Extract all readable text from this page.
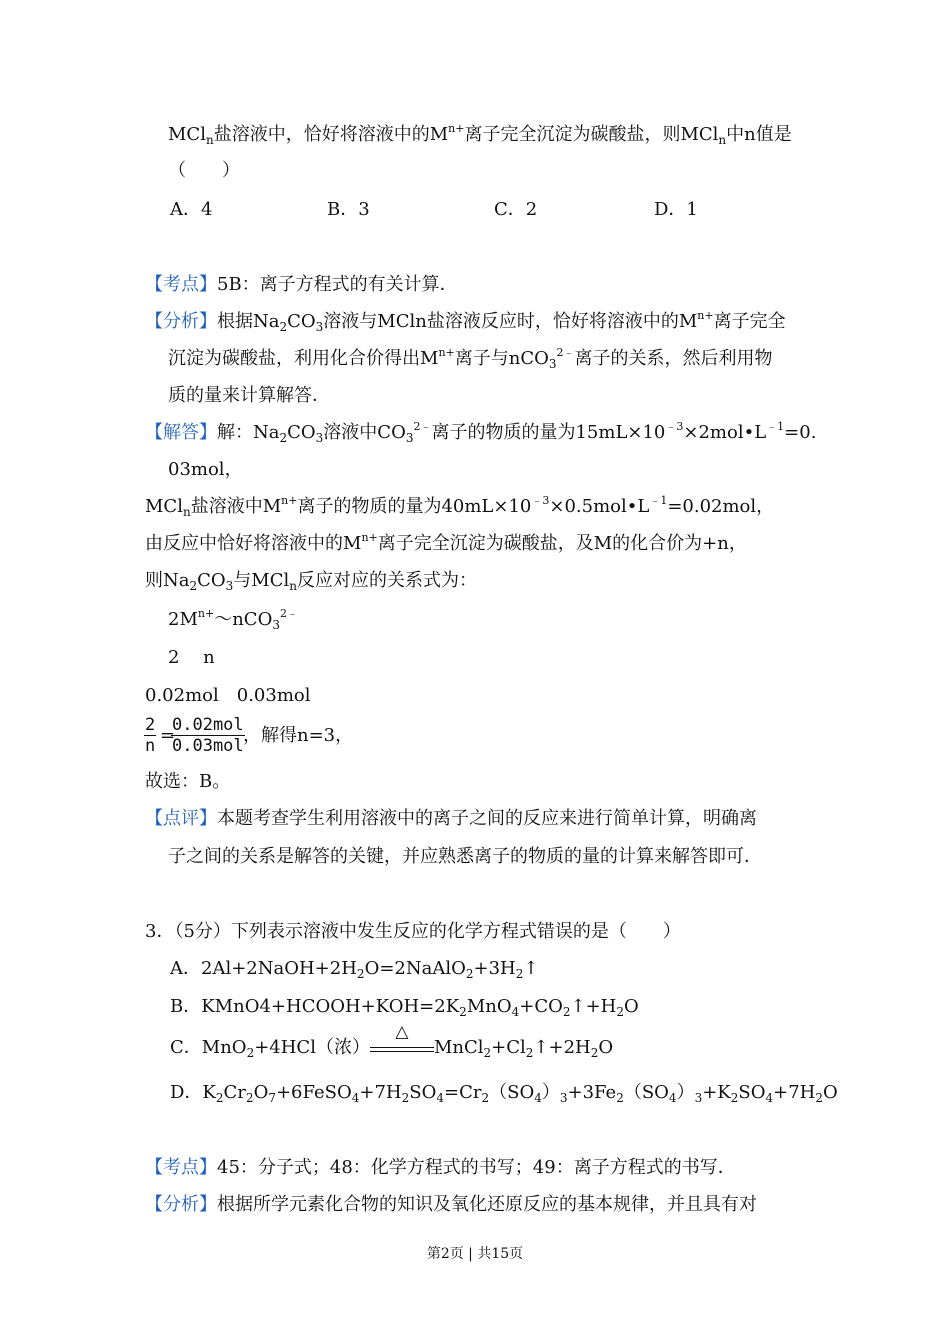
MCl$_n$盐溶液中，恰好将溶液中的$M^{n+}$离子完全沉淀为碳酸盐，则MCl$_n$中n值是
（　　）
A．4	B．3	C．2	D．1
【考点】5B：离子方程式的有关计算．
【分析】根据$Na_2CO_3$溶液与MCln盐溶液反应时，恰好将溶液中的$M^{n+}$离子完全
沉淀为碳酸盐，利用化合价得出$M^{n+}$离子与nCO$_3^{2﹣}$离子的关系，然后利用物
质的量来计算解答．
【解答】解：$Na_2CO_3$溶液中$CO_3^{2﹣}$离子的物质的量为$15mL\times 10^{﹣3}\times 2mol•L^{﹣1}=0$.
03mol，
MCl$_n$盐溶液中$M^{n+}$离子的物质的量为$40mL\times 10^{﹣3}\times 0.5mol•L^{﹣1}=0.02mol$，
由反应中恰好将溶液中的$M^{n+}$离子完全沉淀为碳酸盐，及M的化合价为+n，
则$Na_2CO_3$与MCl$_n$反应对应的关系式为：
$2M^{n+}\sim nCO_3^{2﹣}$
2　 n
0.02mol　0.03mol
$\frac{2}{n}$ =
0.02mol
0.03mol ，解得n=3，
故选：B。
【点评】本题考查学生利用溶液中的离子之间的反应来进行简单计算，明确离
子之间的关系是解答的关键，并应熟悉离子的物质的量的计算来解答即可．
3．（5分）下列表示溶液中发生反应的化学方程式错误的是（　　）
A．$2Al+2NaOH+2H_2O=2NaAlO_2+3H_2↑$
B．$KMnO4+HCOOH+KOH=2K_2MnO_4+CO_2↑+H_2O$
C．MnO$_2$+4HCl（浓）
△
$MnCl_2+Cl_2↑+2H_2O$
D．$K_2Cr_2O_7+6FeSO_4+7H_2SO_4=Cr_2(SO_4)_3+3Fe_2(SO_4)_3+K_2SO_4+7H_2O$
【考点】45：分子式；48：化学方程式的书写；49：离子方程式的书写．
【分析】根据所学元素化合物的知识及氧化还原反应的基本规律，并且具有对
第2页 | 共15页
